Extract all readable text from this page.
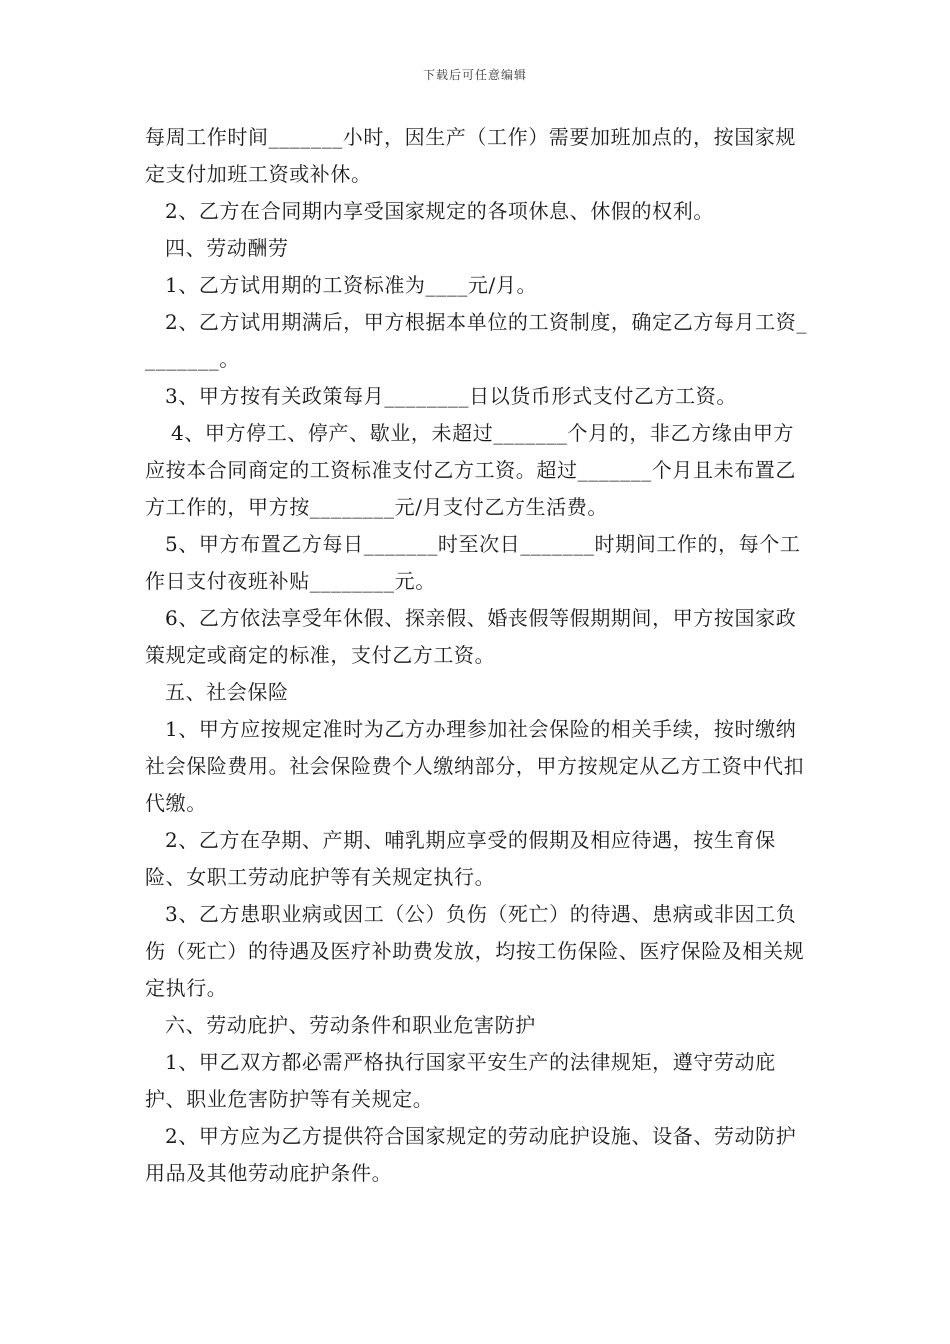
下载后可任意编辑

每周工作时间_______小时，因生产（工作）需要加班加点的，按国家规定支付加班工资或补休。

2、乙方在合同期内享受国家规定的各项休息、休假的权利。

四、劳动酬劳

1、乙方试用期的工资标准为____元/月。

2、乙方试用期满后，甲方根据本单位的工资制度，确定乙方每月工资________。

3、甲方按有关政策每月________日以货币形式支付乙方工资。

4、甲方停工、停产、歇业，未超过_______个月的，非乙方缘由甲方应按本合同商定的工资标准支付乙方工资。超过_______个月且未布置乙方工作的，甲方按________元/月支付乙方生活费。

5、甲方布置乙方每日_______时至次日_______时期间工作的，每个工作日支付夜班补贴________元。

6、乙方依法享受年休假、探亲假、婚丧假等假期期间，甲方按国家政策规定或商定的标准，支付乙方工资。

五、社会保险

1、甲方应按规定准时为乙方办理参加社会保险的相关手续，按时缴纳社会保险费用。社会保险费个人缴纳部分，甲方按规定从乙方工资中代扣代缴。

2、乙方在孕期、产期、哺乳期应享受的假期及相应待遇，按生育保险、女职工劳动庇护等有关规定执行。

3、乙方患职业病或因工（公）负伤（死亡）的待遇、患病或非因工负伤（死亡）的待遇及医疗补助费发放，均按工伤保险、医疗保险及相关规定执行。

六、劳动庇护、劳动条件和职业危害防护

1、甲乙双方都必需严格执行国家平安生产的法律规矩，遵守劳动庇护、职业危害防护等有关规定。

2、甲方应为乙方提供符合国家规定的劳动庇护设施、设备、劳动防护用品及其他劳动庇护条件。
